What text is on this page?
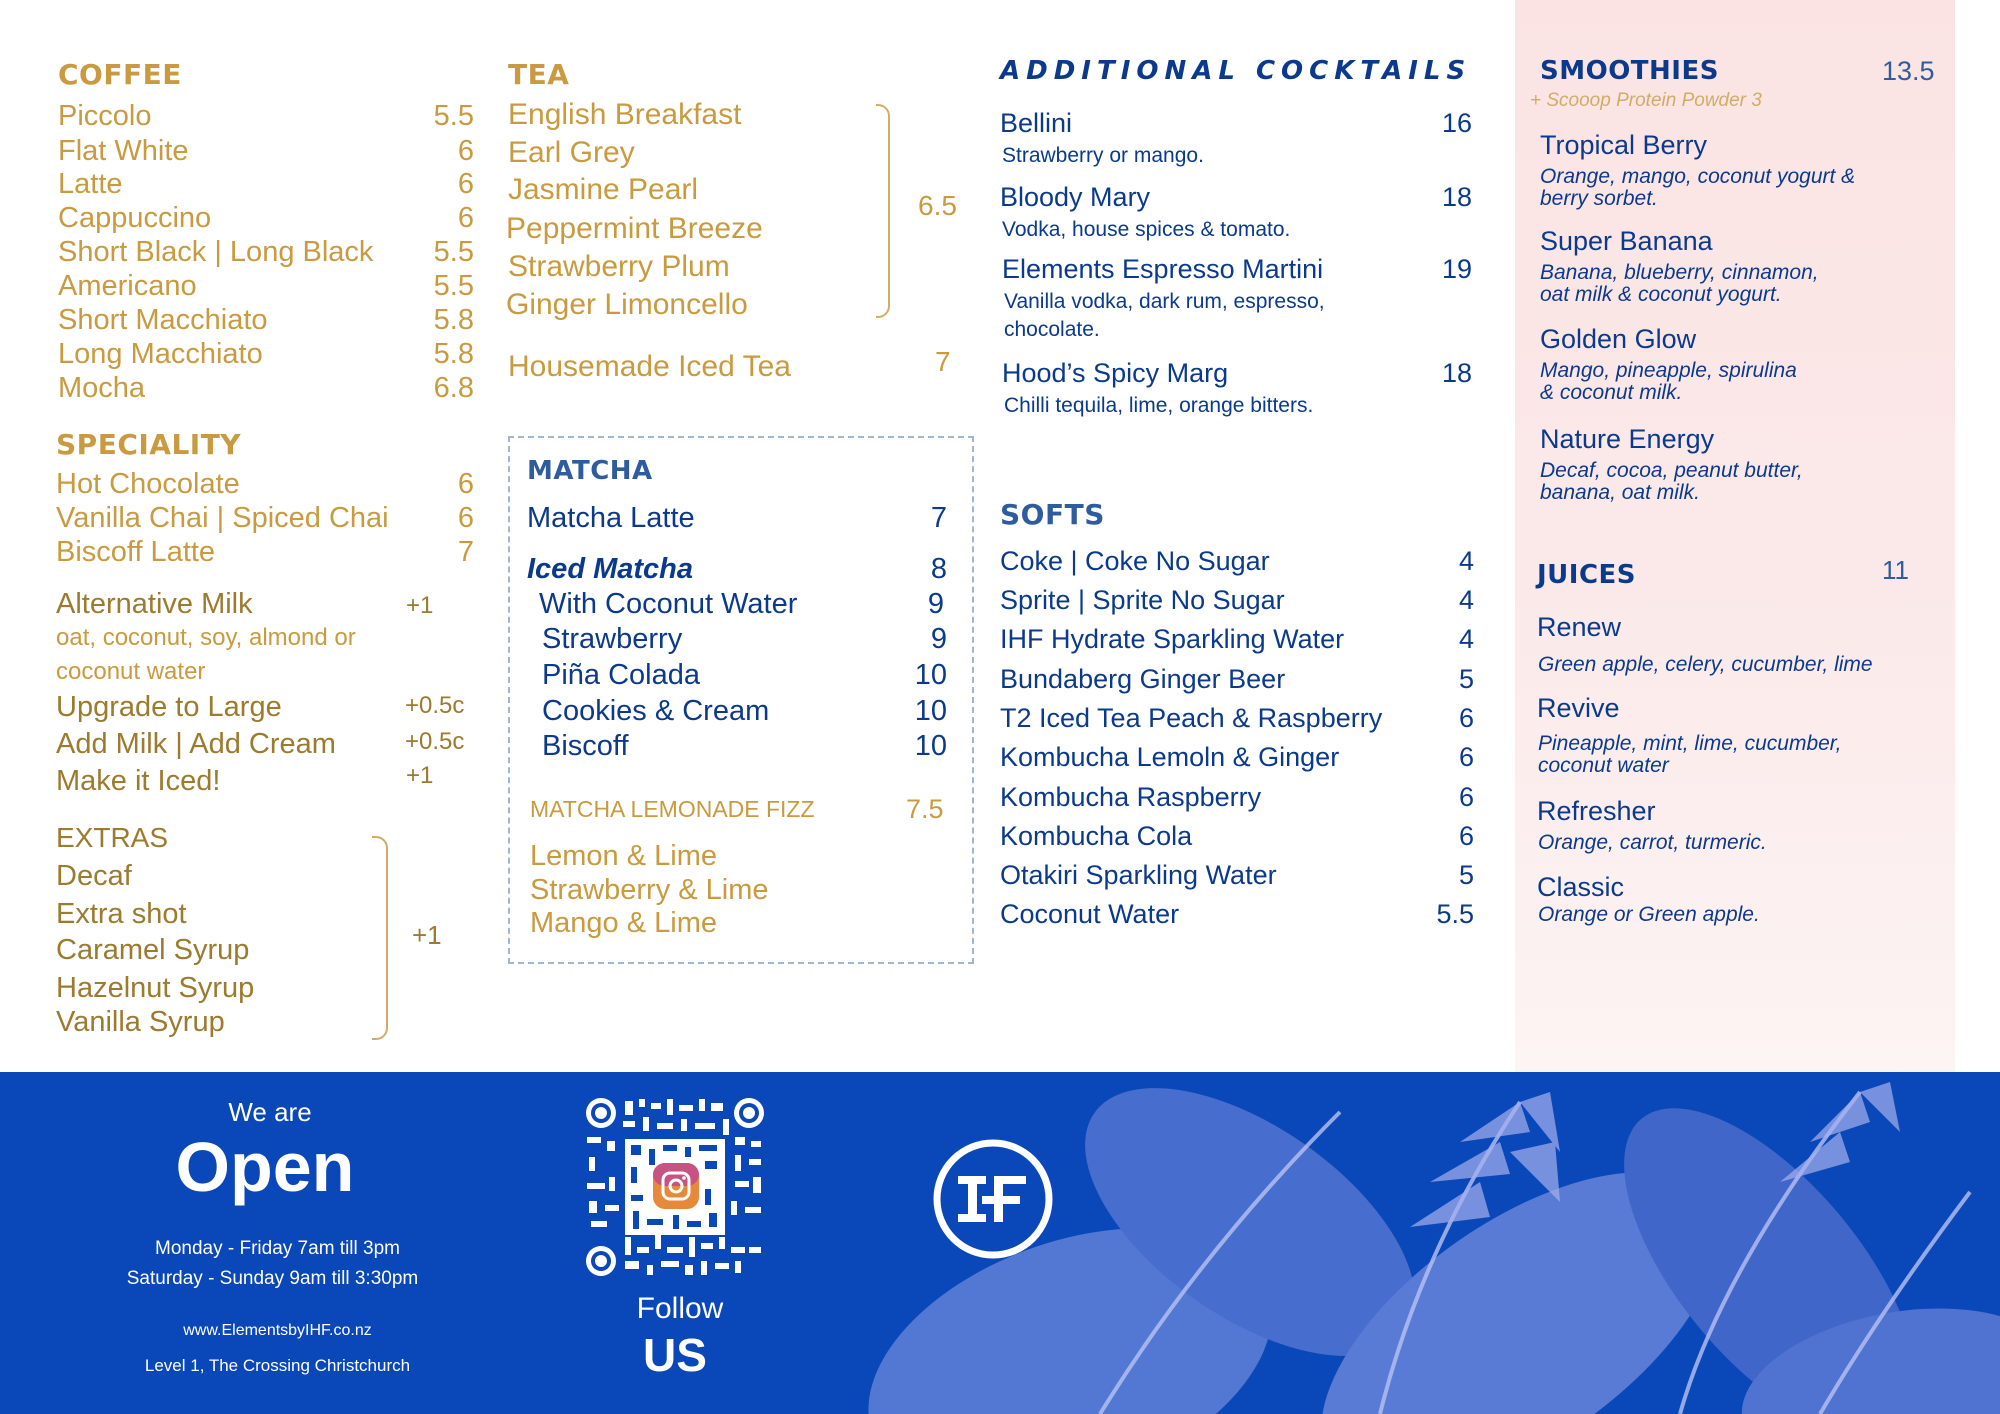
COFFEE
Piccolo	5.5
Flat White	6
Latte	6
Cappuccino	6
Short Black | Long Black 5.5
Americano	5.5
Short Macchiato	5.8
Long Macchiato	5.8
Mocha	6.8
SPECIALITY
Hot Chocolate	6
Vanilla Chai | Spiced Chai 6
Biscoff Latte	7
Alternative Milk	+1
oat, coconut, soy, almond or
coconut water
Upgrade to Large	+0.5c
Add Milk | Add Cream	+0.5c
Make it Iced!	+1
EXTRAS
Decaf
Extra shot
Caramel Syrup
Hazelnut Syrup
Vanilla Syrup
+1
TEA
English Breakfast
Earl Grey
Jasmine Pearl
Peppermint Breeze
Strawberry Plum
Ginger Limoncello
6.5
Housemade Iced Tea	7
MATCHA
Matcha Latte	7
Iced Matcha	8
With Coconut Water	9
Strawberry	9
Piña Colada	10
Cookies & Cream	10
Biscoff	10
MATCHA LEMONADE FIZZ	7.5
Lemon & Lime
Strawberry & Lime
Mango & Lime
ADDITIONAL COCKTAILS
Bellini	16
Strawberry or mango.
Bloody Mary	18
Vodka, house spices & tomato.
Elements Espresso Martini	19
Vanilla vodka, dark rum, espresso,
chocolate.
Hood’s Spicy Marg	18
Chilli tequila, lime, orange bitters.
SOFTS
Coke | Coke No Sugar	4
Sprite | Sprite No Sugar	4
IHF Hydrate Sparkling Water	4
Bundaberg Ginger Beer	5
T2 Iced Tea Peach & Raspberry	6
Kombucha Lemoln & Ginger	6
Kombucha Raspberry	6
Kombucha Cola	6
Otakiri Sparkling Water	5
Coconut Water	5.5
SMOOTHIES	13.5
+ Scooop Protein Powder 3
Tropical Berry
Orange, mango, coconut yogurt &
berry sorbet.
Super Banana
Banana, blueberry, cinnamon,
oat milk & coconut yogurt.
Golden Glow
Mango, pineapple, spirulina
& coconut milk.
Nature Energy
Decaf, cocoa, peanut butter,
banana, oat milk.
JUICES	11
Renew
Green apple, celery, cucumber, lime
Revive
Pineapple, mint, lime, cucumber,
coconut water
Refresher
Orange, carrot, turmeric.
Classic
Orange or Green apple.
We are
Open
Monday - Friday 7am till 3pm
Saturday - Sunday 9am till 3:30pm
www.ElementsbyIHF.co.nz
Level 1, The Crossing Christchurch
Follow
US
